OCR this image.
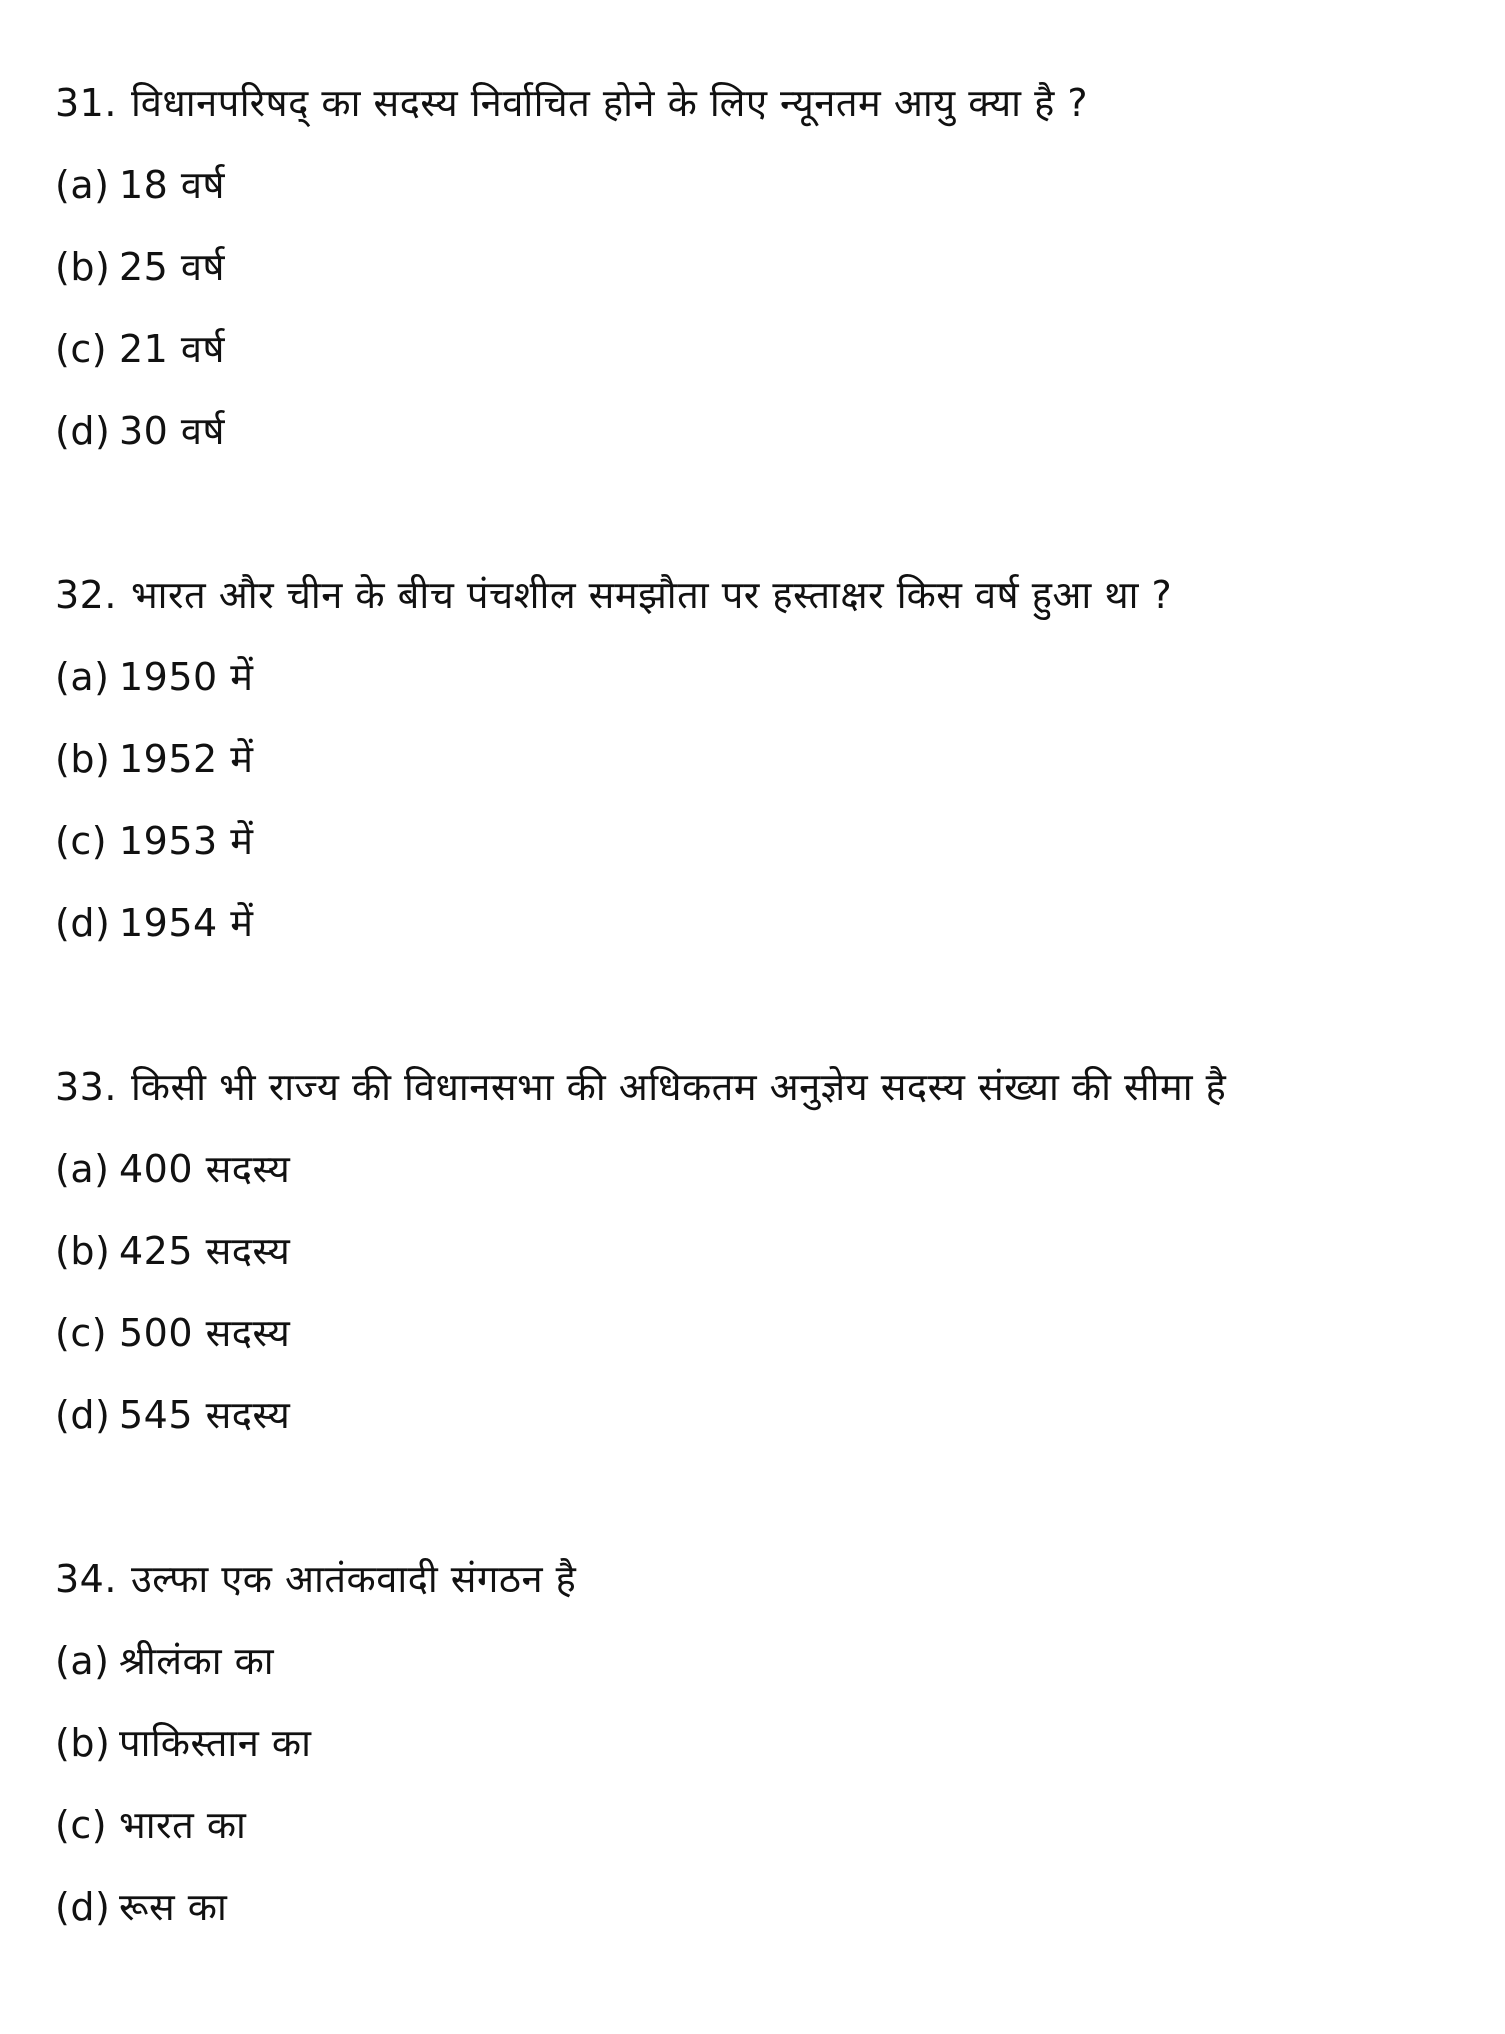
31. विधानपरिषद् का सदस्य निर्वाचित होने के लिए न्यूनतम आयु क्या है ?
(a) 18 वर्ष
(b) 25 वर्ष
(c) 21 वर्ष
(d) 30 वर्ष
32. भारत और चीन के बीच पंचशील समझौता पर हस्ताक्षर किस वर्ष हुआ था ?
(a) 1950 में
(b) 1952 में
(c) 1953 में
(d) 1954 में
33. किसी भी राज्य की विधानसभा की अधिकतम अनुज्ञेय सदस्य संख्या की सीमा है
(a) 400 सदस्य
(b) 425 सदस्य
(c) 500 सदस्य
(d) 545 सदस्य
34. उल्फा एक आतंकवादी संगठन है
(a) श्रीलंका का
(b) पाकिस्तान का
(c) भारत का
(d) रूस का
